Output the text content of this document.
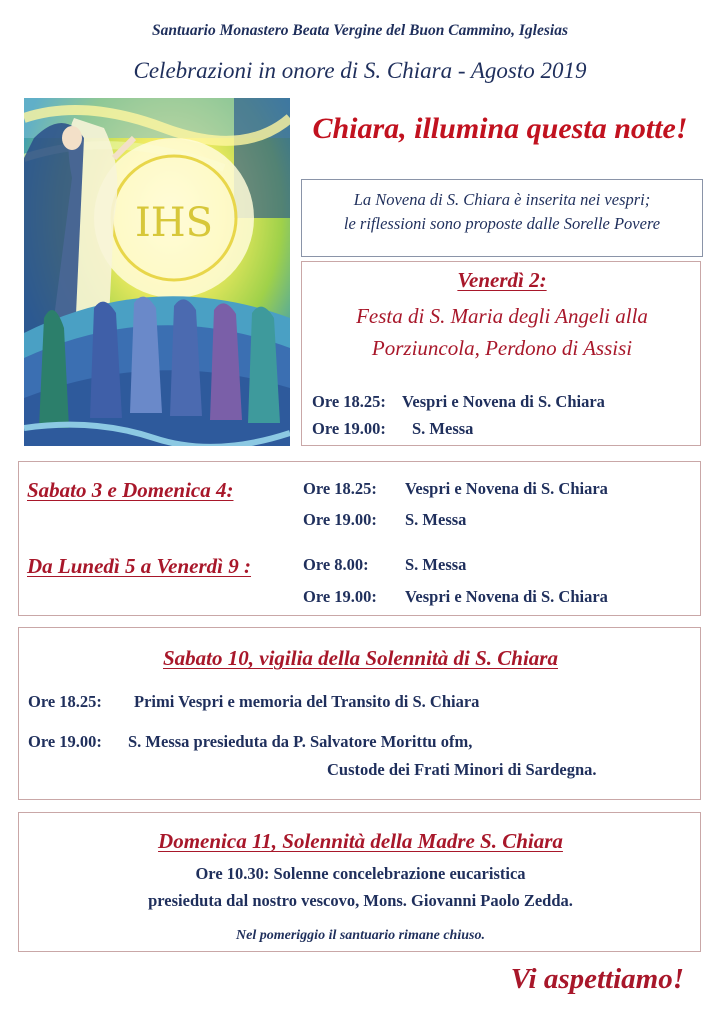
Santuario Monastero Beata Vergine del Buon Cammino, Iglesias
Celebrazioni in onore di S. Chiara - Agosto 2019
IHS
Chiara, illumina questa notte!
La Novena di S. Chiara è inserita nei vespri;
le riflessioni sono proposte dalle Sorelle Povere
Venerdì 2:
Festa di S. Maria degli Angeli alla
Porziuncola, Perdono di Assisi
Ore 18.25: Vespri e Novena di S. Chiara
Ore 19.00: S. Messa
Sabato 3 e Domenica 4:	Ore 18.25: Vespri e Novena di S. Chiara
Ore 19.00: S. Messa
Da Lunedì 5 a Venerdì 9 :	Ore 8.00: S. Messa
Ore 19.00: Vespri e Novena di S. Chiara
Sabato 10, vigilia della Solennità di S. Chiara
Ore 18.25: Primi Vespri e memoria del Transito di S. Chiara
Ore 19.00: S. Messa presieduta da P. Salvatore Morittu ofm,
Custode dei Frati Minori di Sardegna.
Domenica 11, Solennità della Madre S. Chiara
Ore 10.30: Solenne concelebrazione eucaristica
presieduta dal nostro vescovo, Mons. Giovanni Paolo Zedda.
Nel pomeriggio il santuario rimane chiuso.
Vi aspettiamo!
